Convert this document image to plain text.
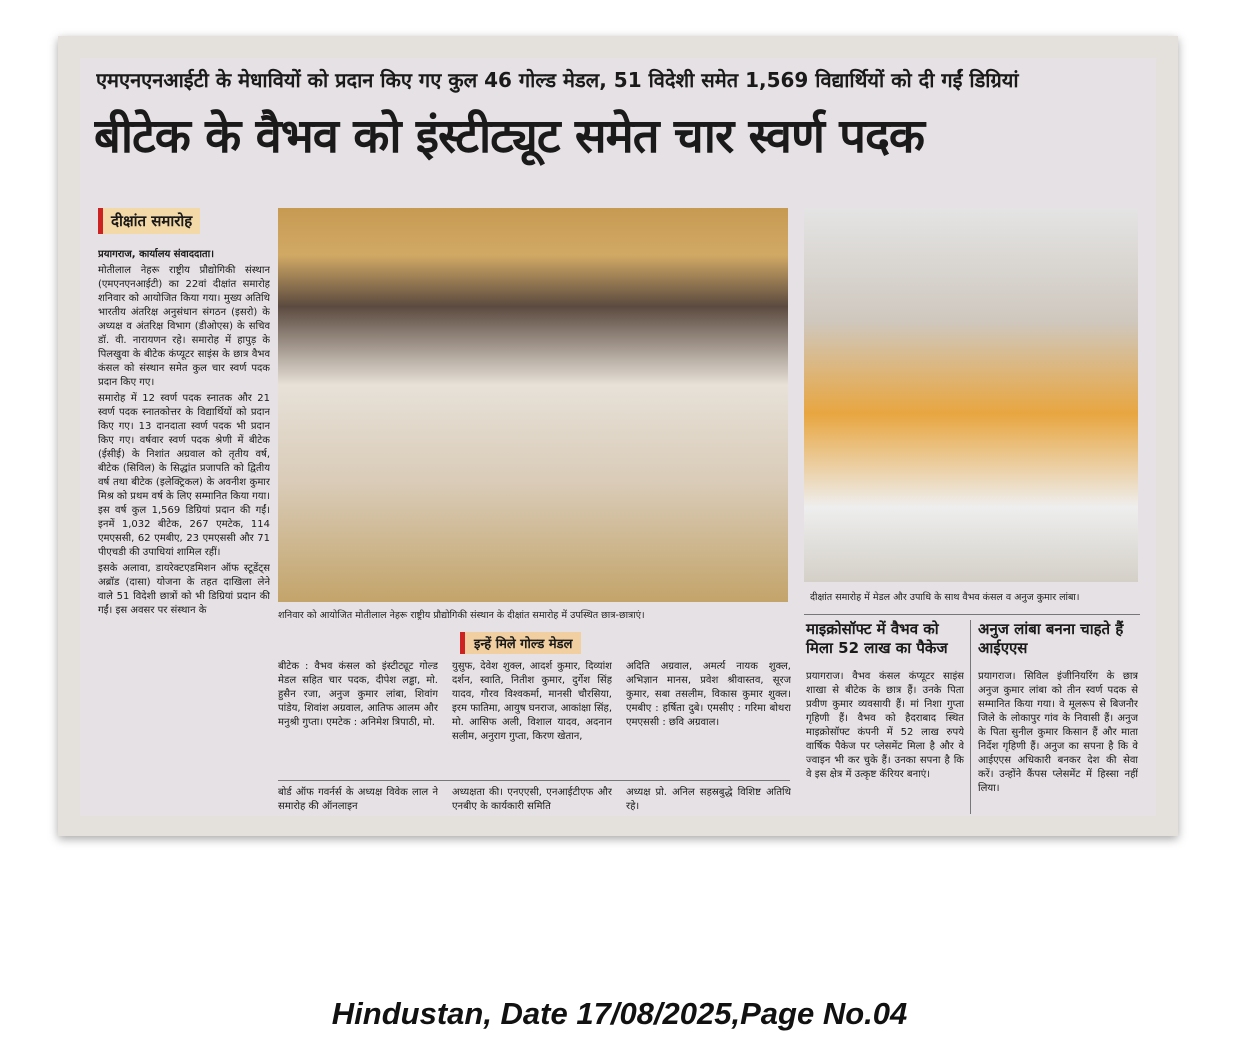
एमएनएनआईटी के मेधावियों को प्रदान किए गए कुल 46 गोल्ड मेडल, 51 विदेशी समेत 1,569 विद्यार्थियों को दी गईं डिग्रियां
बीटेक के वैभव को इंस्टीट्यूट समेत चार स्वर्ण पदक
दीक्षांत समारोह

प्रयागराज, कार्यालय संवाददाता।

मोतीलाल नेहरू राष्ट्रीय प्रौद्योगिकी संस्थान (एमएनएनआईटी) का 22वां दीक्षांत समारोह शनिवार को आयोजित किया गया। मुख्य अतिथि भारतीय अंतरिक्ष अनुसंधान संगठन (इसरो) के अध्यक्ष व अंतरिक्ष विभाग (डीओएस) के सचिव डॉ. वी. नारायणन रहे। समारोह में हापुड़ के पिलखुवा के बीटेक कंप्यूटर साइंस के छात्र वैभव कंसल को संस्थान समेत कुल चार स्वर्ण पदक प्रदान किए गए।

समारोह में 12 स्वर्ण पदक स्नातक और 21 स्वर्ण पदक स्नातकोत्तर के विद्यार्थियों को प्रदान किए गए। 13 दानदाता स्वर्ण पदक भी प्रदान किए गए। वर्षवार स्वर्ण पदक श्रेणी में बीटेक (ईसीई) के निशांत अग्रवाल को तृतीय वर्ष, बीटेक (सिविल) के सिद्धांत प्रजापति को द्वितीय वर्ष तथा बीटेक (इलेक्ट्रिकल) के अवनीश कुमार मिश्र को प्रथम वर्ष के लिए सम्मानित किया गया। इस वर्ष कुल 1,569 डिग्रियां प्रदान की गईं। इनमें 1,032 बीटेक, 267 एमटेक, 114 एमएससी, 62 एमबीए, 23 एमएससी और 71 पीएचडी की उपाधियां शामिल रहीं।

इसके अलावा, डायरेक्टएडमिशन ऑफ स्टूडेंट्स अब्रॉड (दासा) योजना के तहत दाखिला लेने वाले 51 विदेशी छात्रों को भी डिग्रियां प्रदान की गईं। इस अवसर पर संस्थान के	शनिवार को आयोजित मोतीलाल नेहरू राष्ट्रीय प्रौद्योगिकी संस्थान के दीक्षांत समारोह में उपस्थित छात्र-छात्राएं।
दीक्षांत समारोह में मेडल और उपाधि के साथ वैभव कंसल व अनुज कुमार लांबा।
इन्हें मिले गोल्ड मेडल
बीटेक : वैभव कंसल को इंस्टीट्यूट गोल्ड मेडल सहित चार पदक, दीपेश लड्ढा, मो. हुसैन रजा, अनुज कुमार लांबा, शिवांग पांडेय, शिवांश अग्रवाल, आतिफ आलम और मनुश्री गुप्ता। एमटेक : अनिमेश त्रिपाठी, मो.
युसुफ, देवेश शुक्ल, आदर्श कुमार, दिव्यांश दर्शन, स्वाति, नितीश कुमार, दुर्गेश सिंह यादव, गौरव विश्वकर्मा, मानसी चौरसिया, इरम फातिमा, आयुष घनराज, आकांक्षा सिंह, मो. आसिफ अली, विशाल यादव, अदनान सलीम, अनुराग गुप्ता, किरण खेतान,
अदिति अग्रवाल, अमर्त्य नायक शुक्ल, अभिज्ञान मानस, प्रवेश श्रीवास्तव, सूरज कुमार, सबा तसलीम, विकास कुमार शुक्ल। एमबीए : हर्षिता दुबे। एमसीए : गरिमा बोथरा एमएससी : छवि अग्रवाल।
बोर्ड ऑफ गवर्नर्स के अध्यक्ष विवेक लाल ने समारोह की ऑनलाइन
अध्यक्षता की। एनएएसी, एनआईटीएफ और एनबीए के कार्यकारी समिति
अध्यक्ष प्रो. अनिल सहस्रबुद्धे विशिष्ट अतिथि रहे।
माइक्रोसॉफ्ट में वैभव को मिला 52 लाख का पैकेज
प्रयागराज। वैभव कंसल कंप्यूटर साइंस शाखा से बीटेक के छात्र हैं। उनके पिता प्रवीण कुमार व्यवसायी हैं। मां निशा गुप्ता गृहिणी हैं। वैभव को हैदराबाद स्थित माइक्रोसॉफ्ट कंपनी में 52 लाख रुपये वार्षिक पैकेज पर प्लेसमेंट मिला है और वे ज्वाइन भी कर चुके हैं। उनका सपना है कि वे इस क्षेत्र में उत्कृष्ट कॅरियर बनाएं।
अनुज लांबा बनना चाहते हैं आईएएस
प्रयागराज। सिविल इंजीनियरिंग के छात्र अनुज कुमार लांबा को तीन स्वर्ण पदक से सम्मानित किया गया। वे मूलरूप से बिजनौर जिले के लोकापुर गांव के निवासी हैं। अनुज के पिता सुनील कुमार किसान हैं और माता निर्देश गृहिणी हैं। अनुज का सपना है कि वे आईएएस अधिकारी बनकर देश की सेवा करें। उन्होंने कैंपस प्लेसमेंट में हिस्सा नहीं लिया।
Hindustan, Date 17/08/2025,Page No.04
